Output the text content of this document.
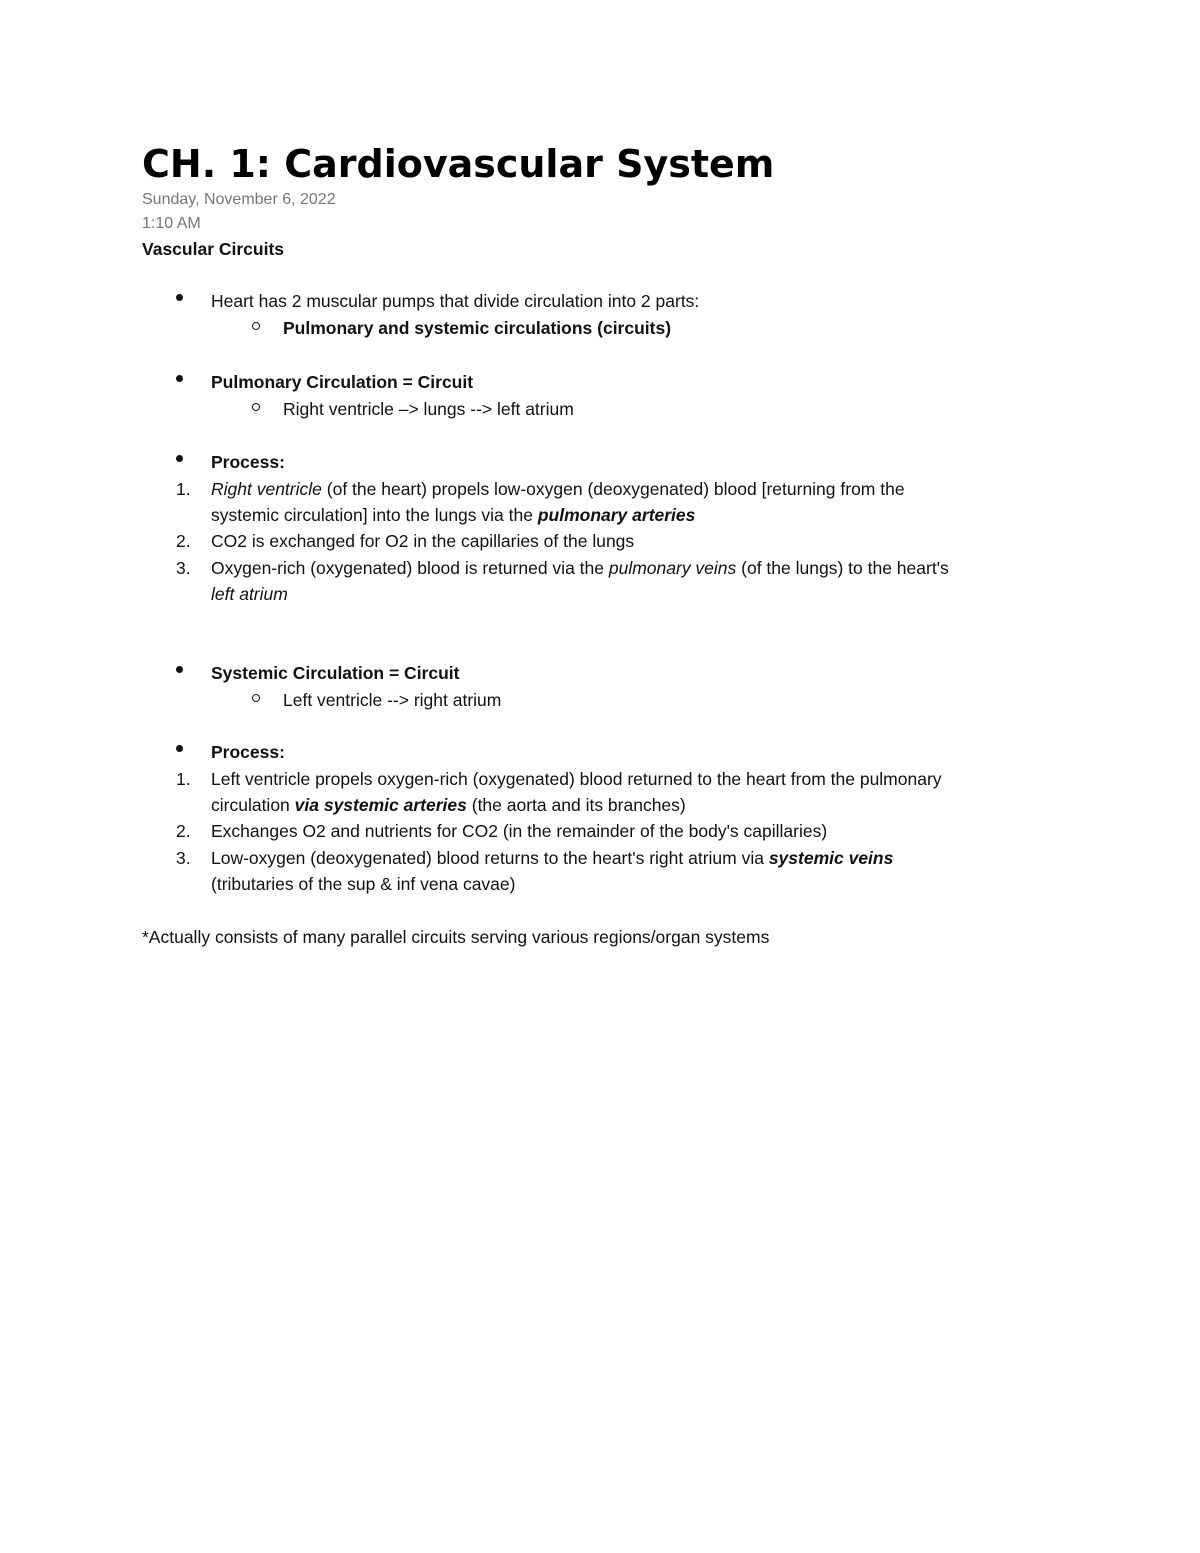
CH. 1: Cardiovascular System
Sunday, November 6, 2022
1:10 AM
Vascular Circuits
Heart has 2 muscular pumps that divide circulation into 2 parts:
Pulmonary and systemic circulations (circuits)
Pulmonary Circulation = Circuit
Right ventricle –> lungs --> left atrium
Process:
1. Right ventricle (of the heart) propels low-oxygen (deoxygenated) blood [returning from the
systemic circulation] into the lungs via the pulmonary arteries
2. CO2 is exchanged for O2 in the capillaries of the lungs
3. Oxygen-rich (oxygenated) blood is returned via the pulmonary veins (of the lungs) to the heart's
left atrium
Systemic Circulation = Circuit
Left ventricle --> right atrium
Process:
1. Left ventricle propels oxygen-rich (oxygenated) blood returned to the heart from the pulmonary
circulation via systemic arteries (the aorta and its branches)
2. Exchanges O2 and nutrients for CO2 (in the remainder of the body's capillaries)
3. Low-oxygen (deoxygenated) blood returns to the heart's right atrium via systemic veins
(tributaries of the sup & inf vena cavae)
*Actually consists of many parallel circuits serving various regions/organ systems
